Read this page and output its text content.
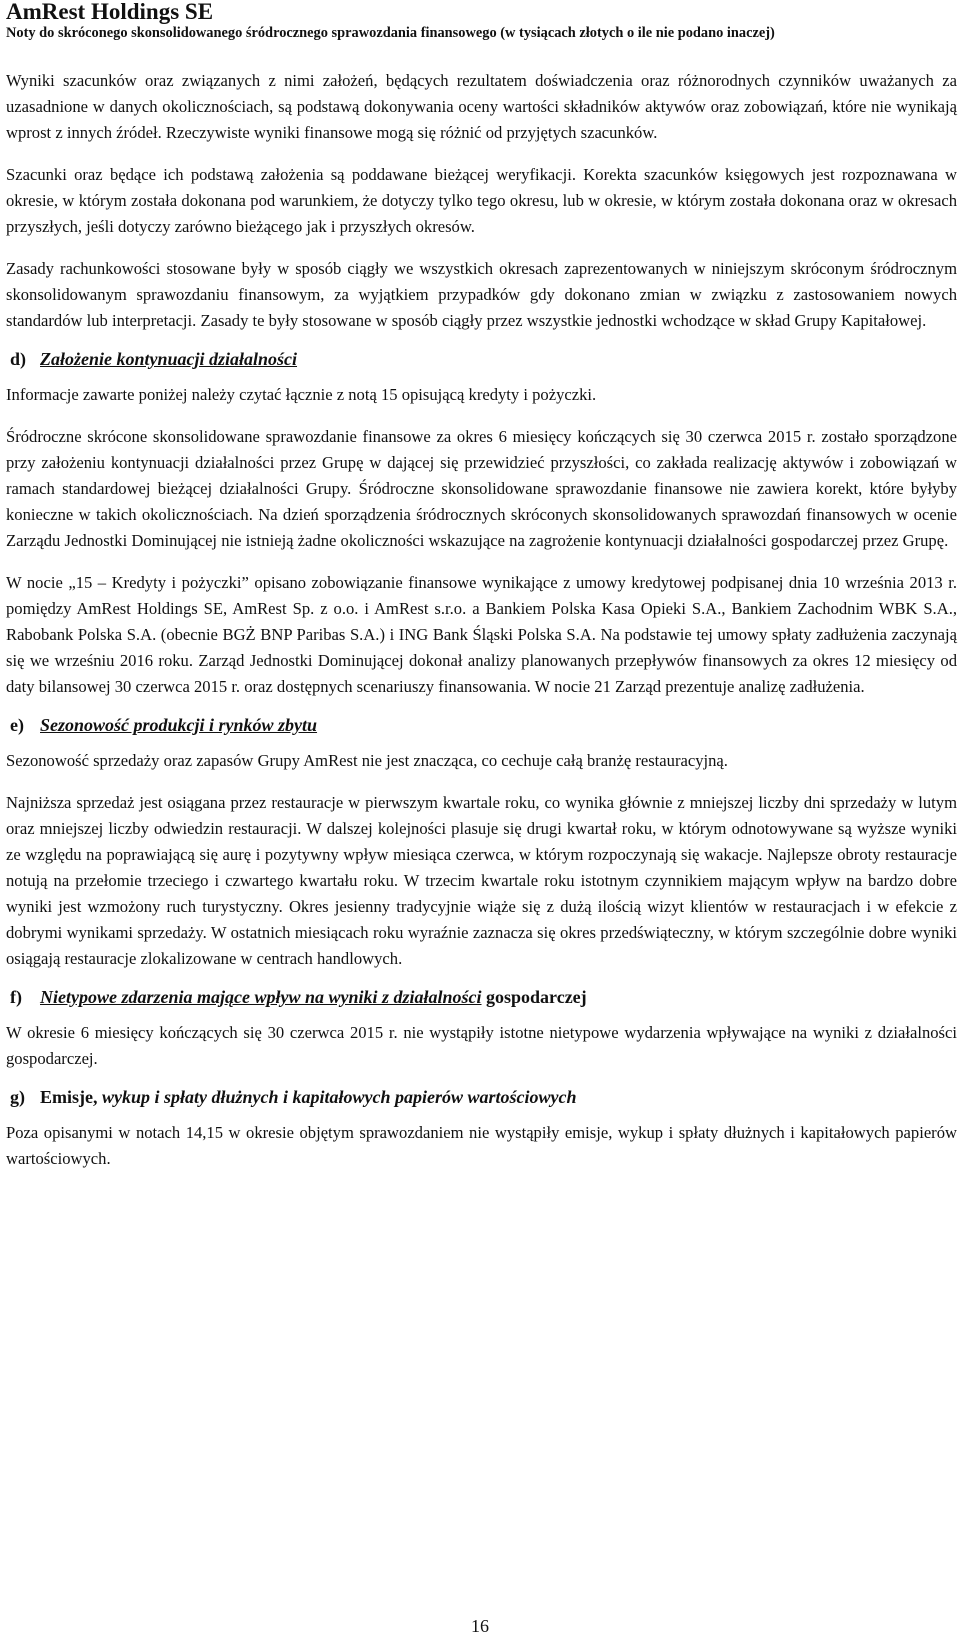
AmRest Holdings SE
Noty do skróconego skonsolidowanego śródrocznego sprawozdania finansowego (w tysiącach złotych o ile nie podano inaczej)

Wyniki szacunków oraz związanych z nimi założeń, będących rezultatem doświadczenia oraz różnorodnych czynników uważanych za uzasadnione w danych okolicznościach, są podstawą dokonywania oceny wartości składników aktywów oraz zobowiązań, które nie wynikają wprost z innych źródeł. Rzeczywiste wyniki finansowe mogą się różnić od przyjętych szacunków.

Szacunki oraz będące ich podstawą założenia są poddawane bieżącej weryfikacji. Korekta szacunków księgowych jest rozpoznawana w okresie, w którym została dokonana pod warunkiem, że dotyczy tylko tego okresu, lub w okresie, w którym została dokonana oraz w okresach przyszłych, jeśli dotyczy zarówno bieżącego jak i przyszłych okresów.

Zasady rachunkowości stosowane były w sposób ciągły we wszystkich okresach zaprezentowanych w niniejszym skróconym śródrocznym skonsolidowanym sprawozdaniu finansowym, za wyjątkiem przypadków gdy dokonano zmian w związku z zastosowaniem nowych standardów lub interpretacji. Zasady te były stosowane w sposób ciągły przez wszystkie jednostki wchodzące w skład Grupy Kapitałowej.

d) Założenie kontynuacji działalności

Informacje zawarte poniżej należy czytać łącznie z notą 15 opisującą kredyty i pożyczki.

Śródroczne skrócone skonsolidowane sprawozdanie finansowe za okres 6 miesięcy kończących się 30 czerwca 2015 r. zostało sporządzone przy założeniu kontynuacji działalności przez Grupę w dającej się przewidzieć przyszłości, co zakłada realizację aktywów i zobowiązań w ramach standardowej bieżącej działalności Grupy. Śródroczne skonsolidowane sprawozdanie finansowe nie zawiera korekt, które byłyby konieczne w takich okolicznościach. Na dzień sporządzenia śródrocznych skróconych skonsolidowanych sprawozdań finansowych w ocenie Zarządu Jednostki Dominującej nie istnieją żadne okoliczności wskazujące na zagrożenie kontynuacji działalności gospodarczej przez Grupę.

W nocie „15 – Kredyty i pożyczki” opisano zobowiązanie finansowe wynikające z umowy kredytowej podpisanej dnia 10 września 2013 r. pomiędzy AmRest Holdings SE, AmRest Sp. z o.o. i AmRest s.r.o. a Bankiem Polska Kasa Opieki S.A., Bankiem Zachodnim WBK S.A., Rabobank Polska S.A. (obecnie BGŻ BNP Paribas S.A.) i ING Bank Śląski Polska S.A. Na podstawie tej umowy spłaty zadłużenia zaczynają się we wrześniu 2016 roku. Zarząd Jednostki Dominującej dokonał analizy planowanych przepływów finansowych za okres 12 miesięcy od daty bilansowej 30 czerwca 2015 r. oraz dostępnych scenariuszy finansowania. W nocie 21 Zarząd prezentuje analizę zadłużenia.

e) Sezonowość produkcji i rynków zbytu

Sezonowość sprzedaży oraz zapasów Grupy AmRest nie jest znacząca, co cechuje całą branżę restauracyjną.

Najniższa sprzedaż jest osiągana przez restauracje w pierwszym kwartale roku, co wynika głównie z mniejszej liczby dni sprzedaży w lutym oraz mniejszej liczby odwiedzin restauracji. W dalszej kolejności plasuje się drugi kwartał roku, w którym odnotowywane są wyższe wyniki ze względu na poprawiającą się aurę i pozytywny wpływ miesiąca czerwca, w którym rozpoczynają się wakacje. Najlepsze obroty restauracje notują na przełomie trzeciego i czwartego kwartału roku. W trzecim kwartale roku istotnym czynnikiem mającym wpływ na bardzo dobre wyniki jest wzmożony ruch turystyczny. Okres jesienny tradycyjnie wiąże się z dużą ilością wizyt klientów w restauracjach i w efekcie z dobrymi wynikami sprzedaży. W ostatnich miesiącach roku wyraźnie zaznacza się okres przedświąteczny, w którym szczególnie dobre wyniki osiągają restauracje zlokalizowane w centrach handlowych.

f) Nietypowe zdarzenia mające wpływ na wyniki z działalności gospodarczej

W okresie 6 miesięcy kończących się 30 czerwca 2015 r. nie wystąpiły istotne nietypowe wydarzenia wpływające na wyniki z działalności gospodarczej.

g) Emisje, wykup i spłaty dłużnych i kapitałowych papierów wartościowych

Poza opisanymi w notach 14,15 w okresie objętym sprawozdaniem nie wystąpiły emisje, wykup i spłaty dłużnych i kapitałowych papierów wartościowych.

16
